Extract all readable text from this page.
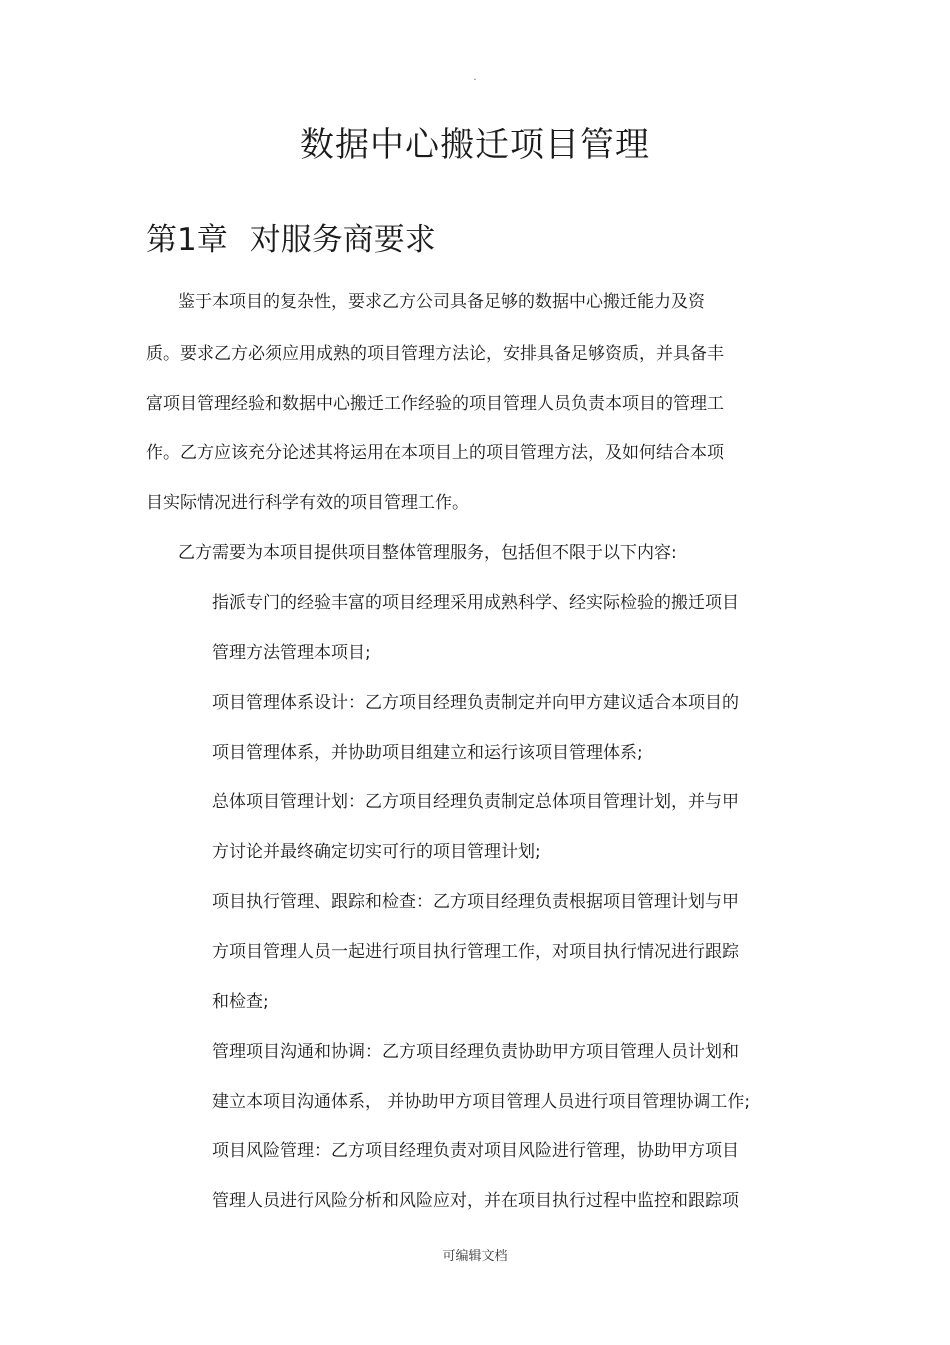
.
数据中心搬迁项目管理
第1章 对服务商要求
鉴于本项目的复杂性，要求乙方公司具备足够的数据中心搬迁能力及资
质。要求乙方必须应用成熟的项目管理方法论，安排具备足够资质，并具备丰
富项目管理经验和数据中心搬迁工作经验的项目管理人员负责本项目的管理工
作。乙方应该充分论述其将运用在本项目上的项目管理方法，及如何结合本项
目实际情况进行科学有效的项目管理工作。
乙方需要为本项目提供项目整体管理服务，包括但不限于以下内容:
指派专门的经验丰富的项目经理采用成熟科学、经实际检验的搬迁项目
管理方法管理本项目;
项目管理体系设计：乙方项目经理负责制定并向甲方建议适合本项目的
项目管理体系，并协助项目组建立和运行该项目管理体系;
总体项目管理计划：乙方项目经理负责制定总体项目管理计划，并与甲
方讨论并最终确定切实可行的项目管理计划;
项目执行管理、跟踪和检查：乙方项目经理负责根据项目管理计划与甲
方项目管理人员一起进行项目执行管理工作，对项目执行情况进行跟踪
和检查;
管理项目沟通和协调：乙方项目经理负责协助甲方项目管理人员计划和
建立本项目沟通体系， 并协助甲方项目管理人员进行项目管理协调工作;
项目风险管理：乙方项目经理负责对项目风险进行管理，协助甲方项目
管理人员进行风险分析和风险应对，并在项目执行过程中监控和跟踪项
可编辑文档
